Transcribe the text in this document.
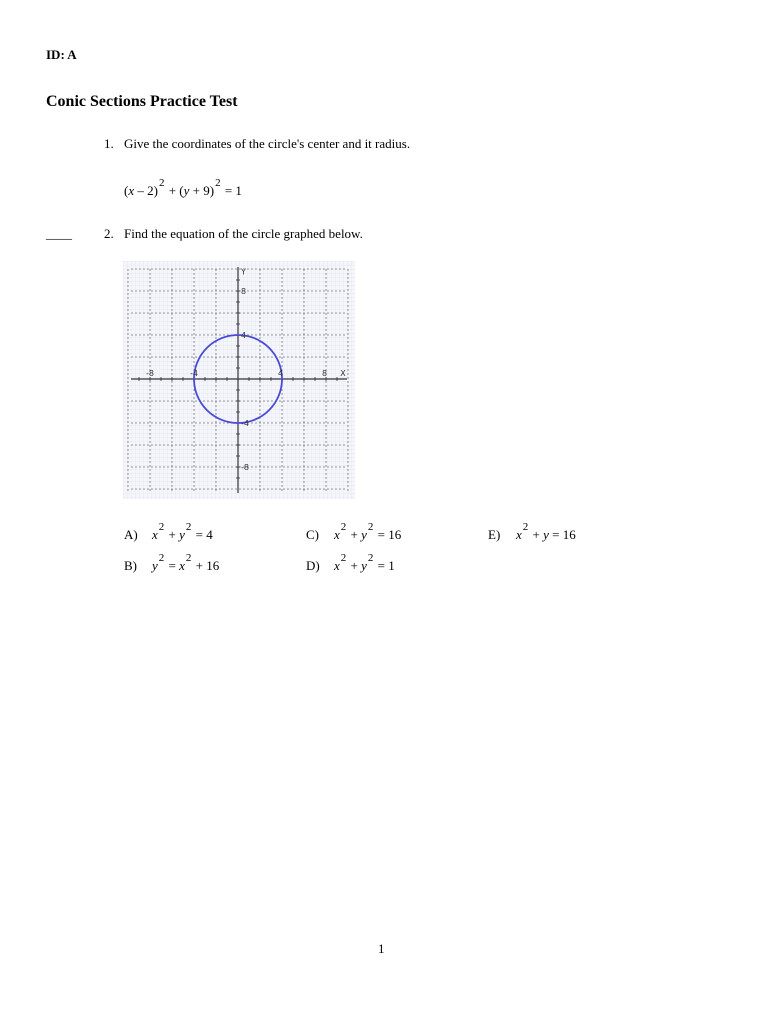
ID: A
Conic Sections Practice Test
1. Give the coordinates of the circle's center and it radius.
$(x - 2)^2 + (y + 9)^2 = 1$
____ 2. Find the equation of the circle graphed below.
-8	-4	4	8
8
4
-4
-8
X
Y
A) $x^2 + y^2 = 4$
B) $y^2 = x^2 + 16$
C) $x^2 + y^2 = 16$
D) $x^2 + y^2 = 1$
E) $x^2 + y = 16$
1
